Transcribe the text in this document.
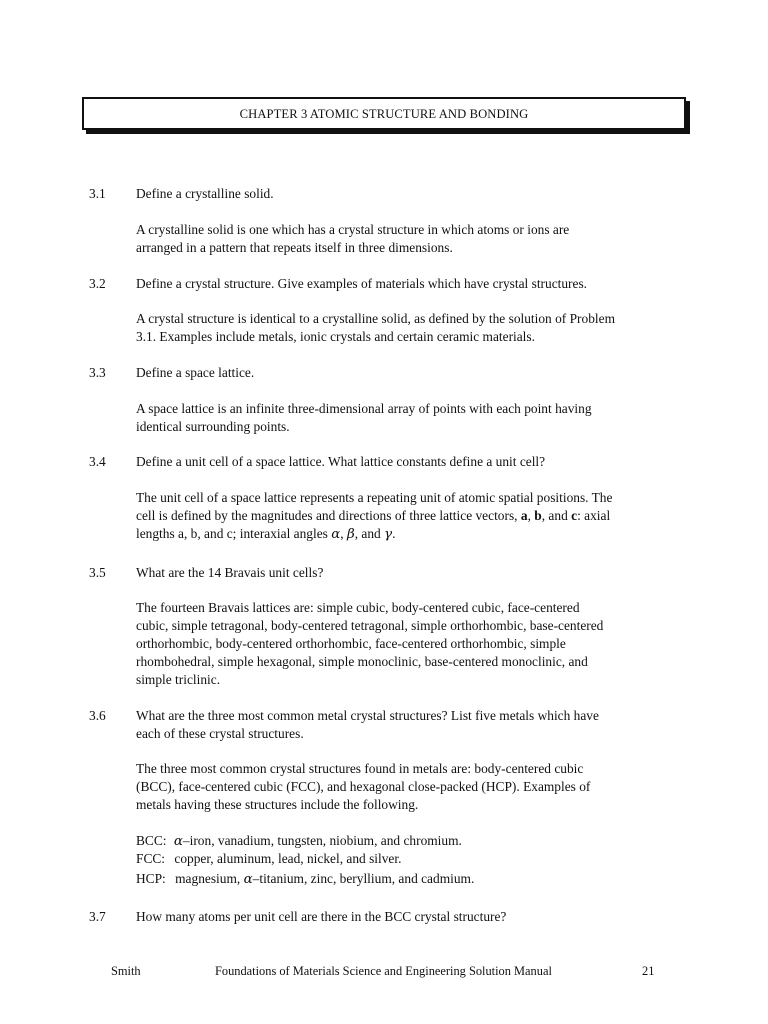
CHAPTER 3 ATOMIC STRUCTURE AND BONDING
3.1 Define a crystalline solid.
A crystalline solid is one which has a crystal structure in which atoms or ions are
arranged in a pattern that repeats itself in three dimensions.
3.2 Define a crystal structure. Give examples of materials which have crystal structures.
A crystal structure is identical to a crystalline solid, as defined by the solution of Problem
3.1. Examples include metals, ionic crystals and certain ceramic materials.
3.3 Define a space lattice.
A space lattice is an infinite three-dimensional array of points with each point having
identical surrounding points.
3.4 Define a unit cell of a space lattice. What lattice constants define a unit cell?
The unit cell of a space lattice represents a repeating unit of atomic spatial positions. The
cell is defined by the magnitudes and directions of three lattice vectors, a, b, and c: axial
lengths a, b, and c; interaxial angles α, β, and γ.
3.5 What are the 14 Bravais unit cells?
The fourteen Bravais lattices are: simple cubic, body-centered cubic, face-centered
cubic, simple tetragonal, body-centered tetragonal, simple orthorhombic, base-centered
orthorhombic, body-centered orthorhombic, face-centered orthorhombic, simple
rhombohedral, simple hexagonal, simple monoclinic, base-centered monoclinic, and
simple triclinic.
3.6 What are the three most common metal crystal structures? List five metals which have
each of these crystal structures.
The three most common crystal structures found in metals are: body-centered cubic
(BCC), face-centered cubic (FCC), and hexagonal close-packed (HCP). Examples of
metals having these structures include the following.
BCC: α–iron, vanadium, tungsten, niobium, and chromium.
FCC: copper, aluminum, lead, nickel, and silver.
HCP: magnesium, α–titanium, zinc, beryllium, and cadmium.
3.7 How many atoms per unit cell are there in the BCC crystal structure?
Smith	Foundations of Materials Science and Engineering Solution Manual	21
